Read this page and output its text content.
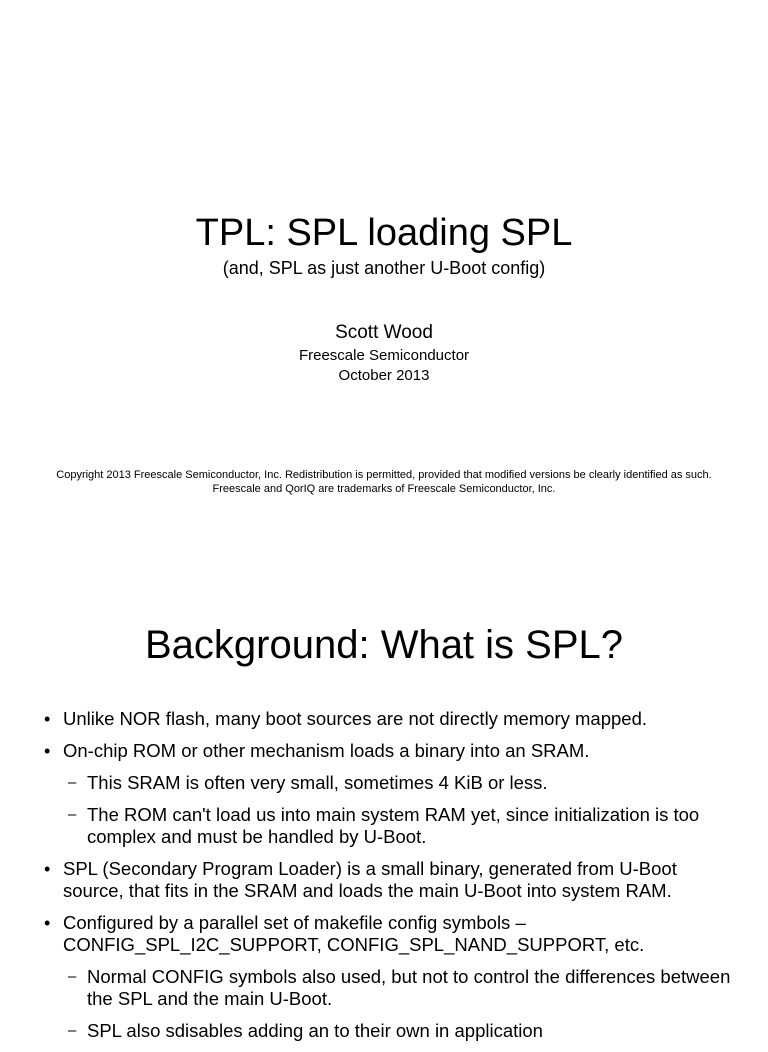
TPL: SPL loading SPL
(and, SPL as just another U-Boot config)
Scott Wood
Freescale Semiconductor
October 2013
Copyright 2013 Freescale Semiconductor, Inc. Redistribution is permitted, provided that modified versions be clearly identified as such. Freescale and QorIQ are trademarks of Freescale Semiconductor, Inc.
Background: What is SPL?
• Unlike NOR flash, many boot sources are not directly memory mapped.
• On-chip ROM or other mechanism loads a binary into an SRAM.
– This SRAM is often very small, sometimes 4 KiB or less.
– The ROM can't load us into main system RAM yet, since initialization is too complex and must be handled by U-Boot.
• SPL (Secondary Program Loader) is a small binary, generated from U-Boot source, that fits in the SRAM and loads the main U-Boot into system RAM.
• Configured by a parallel set of makefile config symbols – CONFIG_SPL_I2C_SUPPORT, CONFIG_SPL_NAND_SUPPORT, etc.
– Normal CONFIG symbols also used, but not to control the differences between the SPL and the main U-Boot.
– SPL also sdisables adding an to their own in application
